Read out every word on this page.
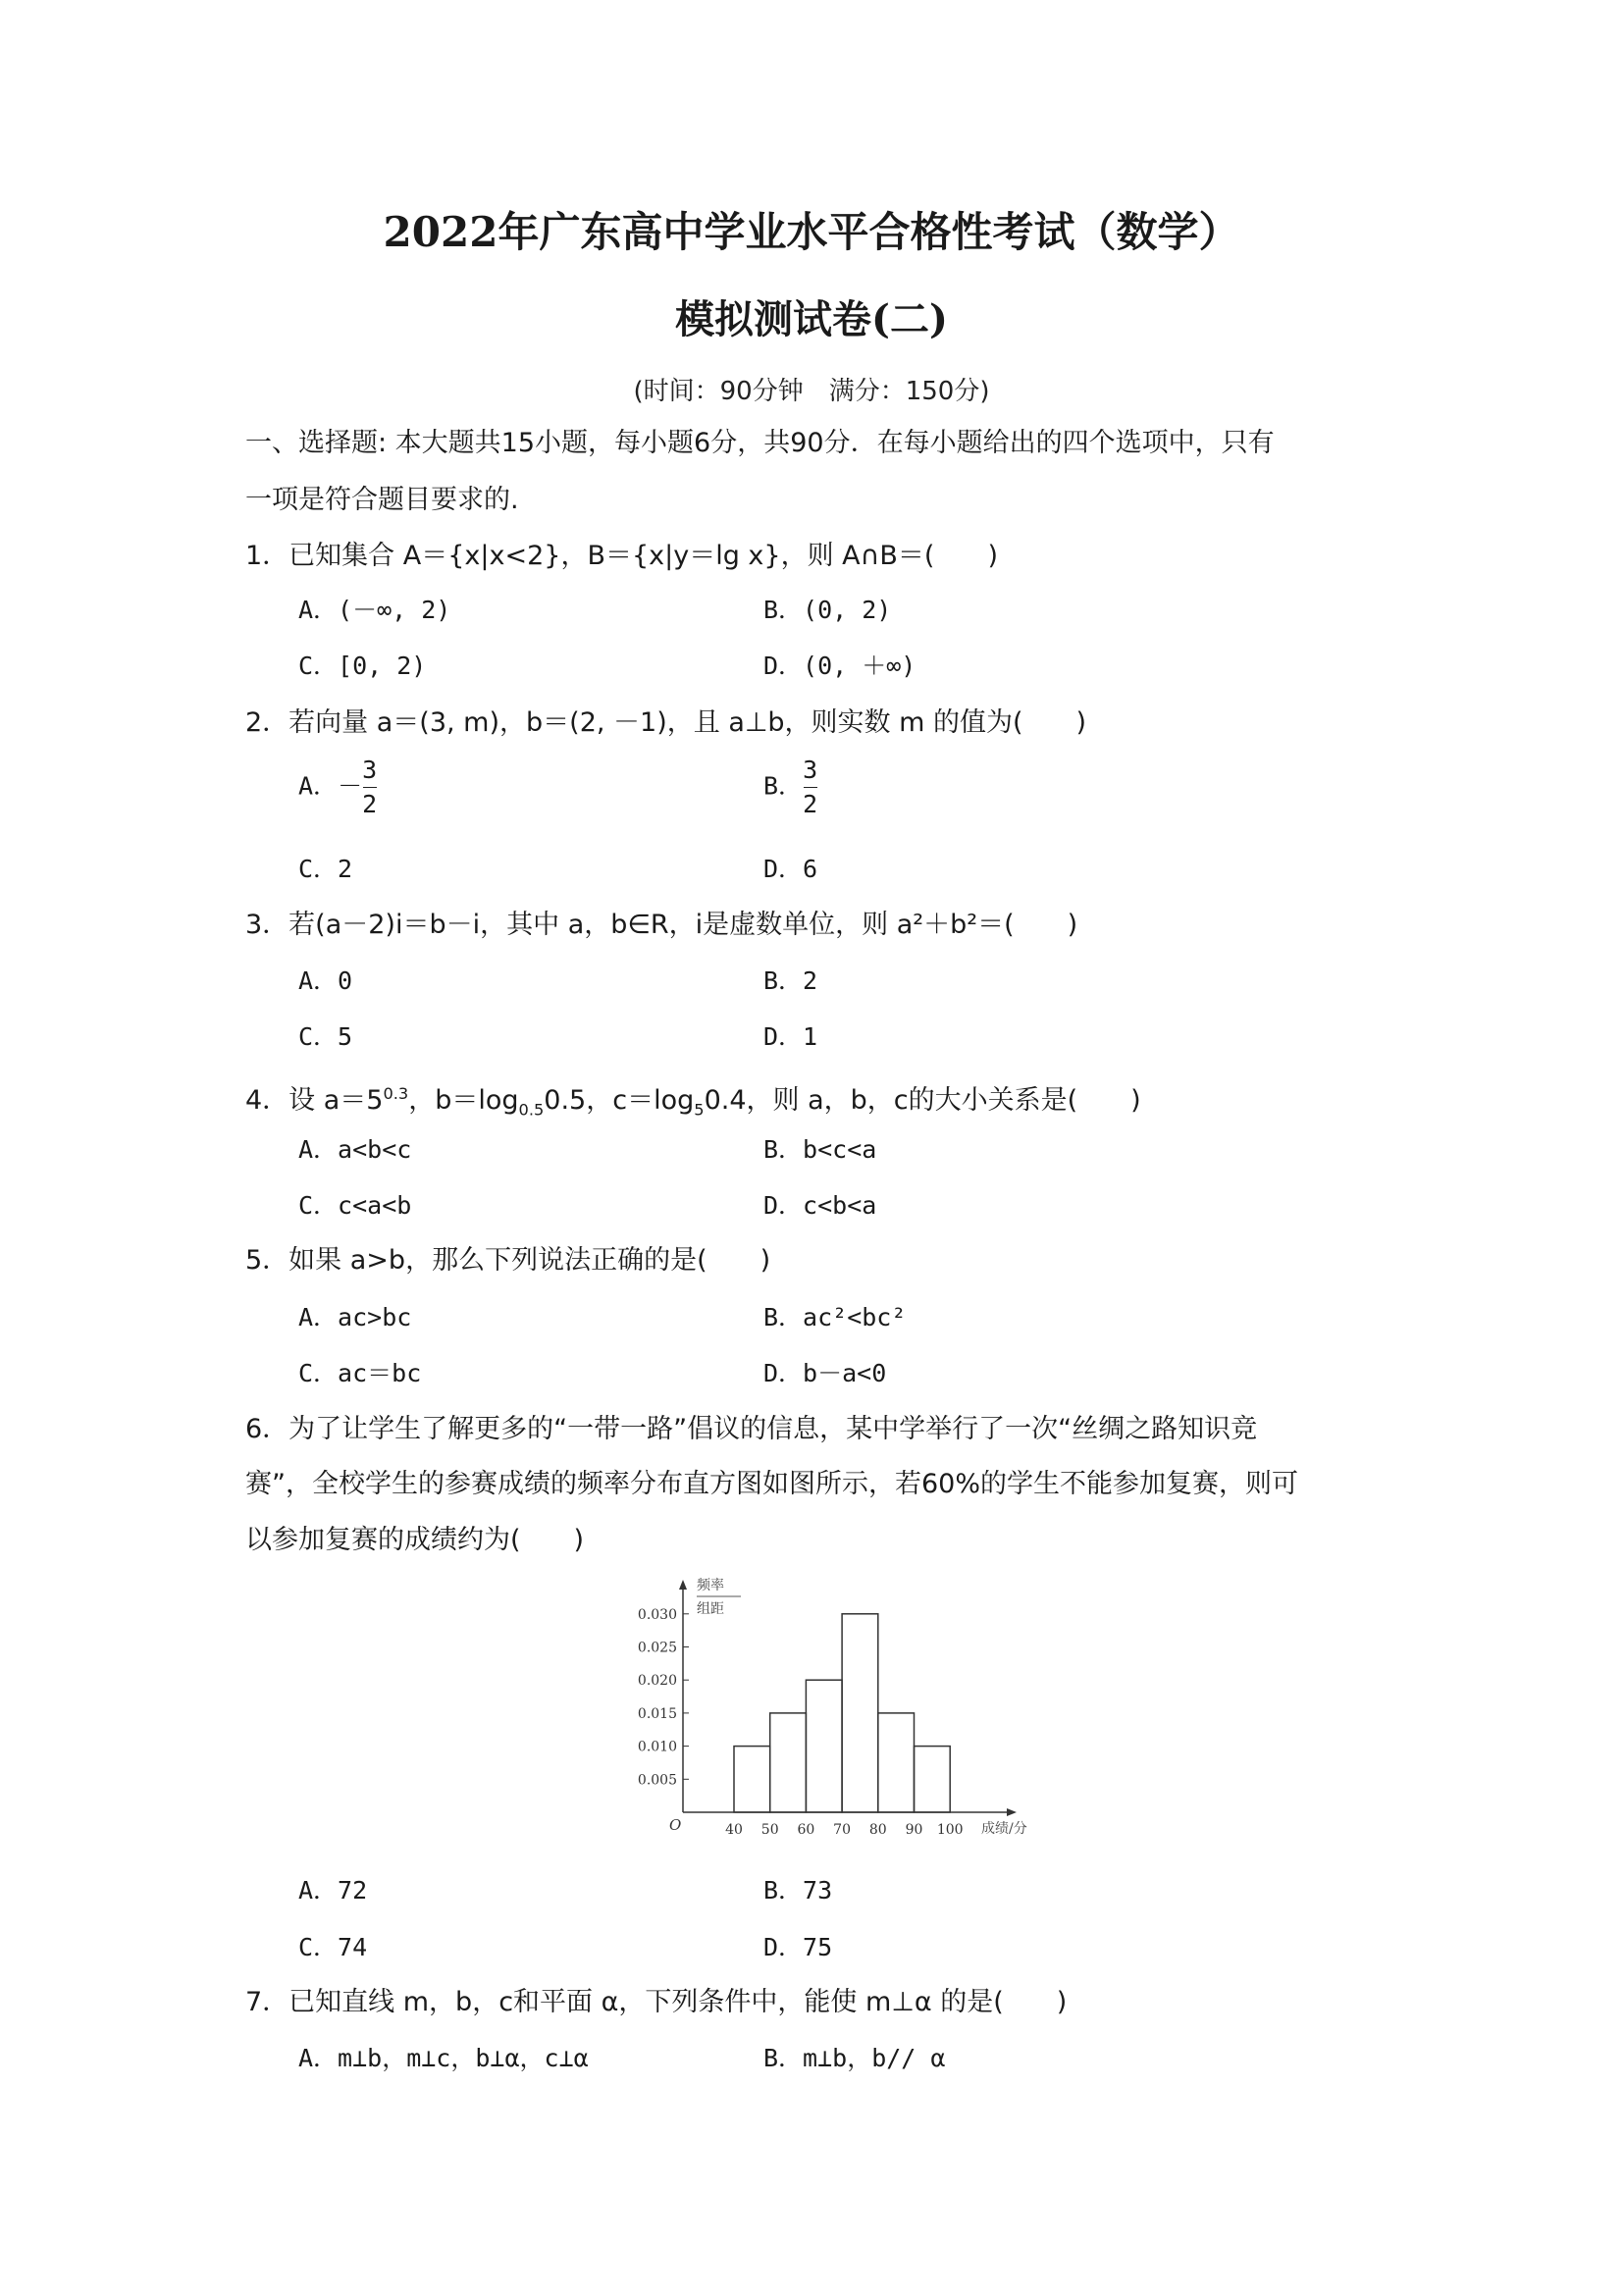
2022年广东高中学业水平合格性考试（数学）
模拟测试卷(二)
(时间：90分钟　满分：150分)
一、选择题: 本大题共15小题，每小题6分，共90分．在每小题给出的四个选项中，只有
一项是符合题目要求的.
1．已知集合 A＝{x|x<2}，B＝{x|y＝lg x}，则 A∩B＝(　　)
A．(－∞, 2)	B．(0, 2)
C．[0, 2)	D．(0, ＋∞)
2．若向量 a＝(3, m)，b＝(2, －1)，且 a⊥b，则实数 m 的值为(　　)
A．－ $\frac{3}{2}$	B． $\frac{3}{2}$
C．2	D．6
3．若(a－2)i＝b－i，其中 a，b∈R，i是虚数单位，则 a²＋b²＝(　　)
A．0	B．2
C．5	D．1
4．设 $a=5^{0.3}$，$b=\log_{0.5}0.5$，$c=\log_50.4$，则 a，b，c的大小关系是(　　)
A．a<b<c	B．b<c<a
C．c<a<b	D．c<b<a
5．如果 a>b，那么下列说法正确的是(　　)
A．ac>bc	B．ac²<bc²
C．ac＝bc	D．b－a<0
6．为了让学生了解更多的“一带一路”倡议的信息，某中学举行了一次“丝绸之路知识竞
赛”，全校学生的参赛成绩的频率分布直方图如图所示，若60%的学生不能参加复赛，则可
以参加复赛的成绩约为(　　)
0.005
0.010
0.015
0.020
0.025
0.030
40 50 60 70 80 90 100
频率
组距
O	成绩/分
A．72	B．73
C．74	D．75
7．已知直线 m，b，c和平面 α，下列条件中，能使 m⊥α 的是(　　)
A．m⊥b，m⊥c，b⊥α，c⊥α	B．m⊥b，b// α
